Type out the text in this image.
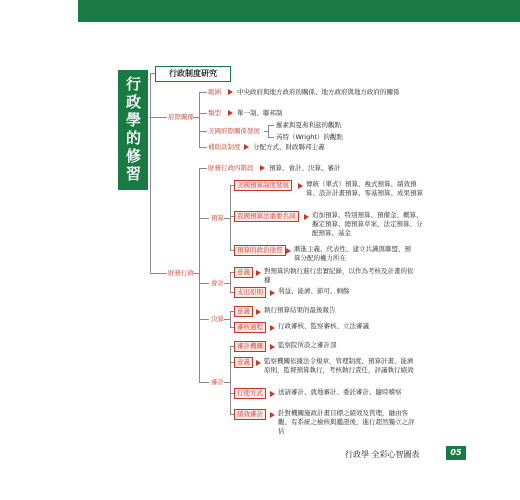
行政學的修習範圍
行政制度研究
府際關係
範圍 中央政府與地方政府的關係、地方政府與地方政府的關係
類型 單一制、聯邦制
美國府際關係發展
羅素與夏弗利茲的觀點
芮特（Wright）的觀點
補助款制度 分配方式、財政聯邦主義
財務行政
財務行政四階段 預算、會計、決算、審計
預算
美國預算制度發展	傳統（單式）預算、複式預算、績效預算、設計計畫預算、零基預算、成果預算
我國預算法重要名詞	追加預算、特別預算、預備金、概算、擬定預算、總預算草案、法定預算、分配預算、基金
預算的政治途徑	漸進主義、代表性、建立共識與聯盟、預算分配的權力所在
會計
意義	對預算的執行進行忠實紀錄，以作為考核及計畫的依據
支出原則	利益、能濟、節可、剩餘
決算
意義	執行預算結果的最後報告
審核過程	行政審核、監察審核、立法審議
審計
審計機關	監察院所設之審計部
意義	監察機關依據法令規章，管理制度、預算計畫、能濟原則，監督預算執行，考核執行責任，評議執行績效
行使方式	送請審計、就地審計、委託審計、隨時稽察
績效審計	針對機關施政計畫目標之績效及管理，融由客觀、有系統之檢核與鑑證後，進行超然獨立之評估
行政學 全彩心智圖表	05
